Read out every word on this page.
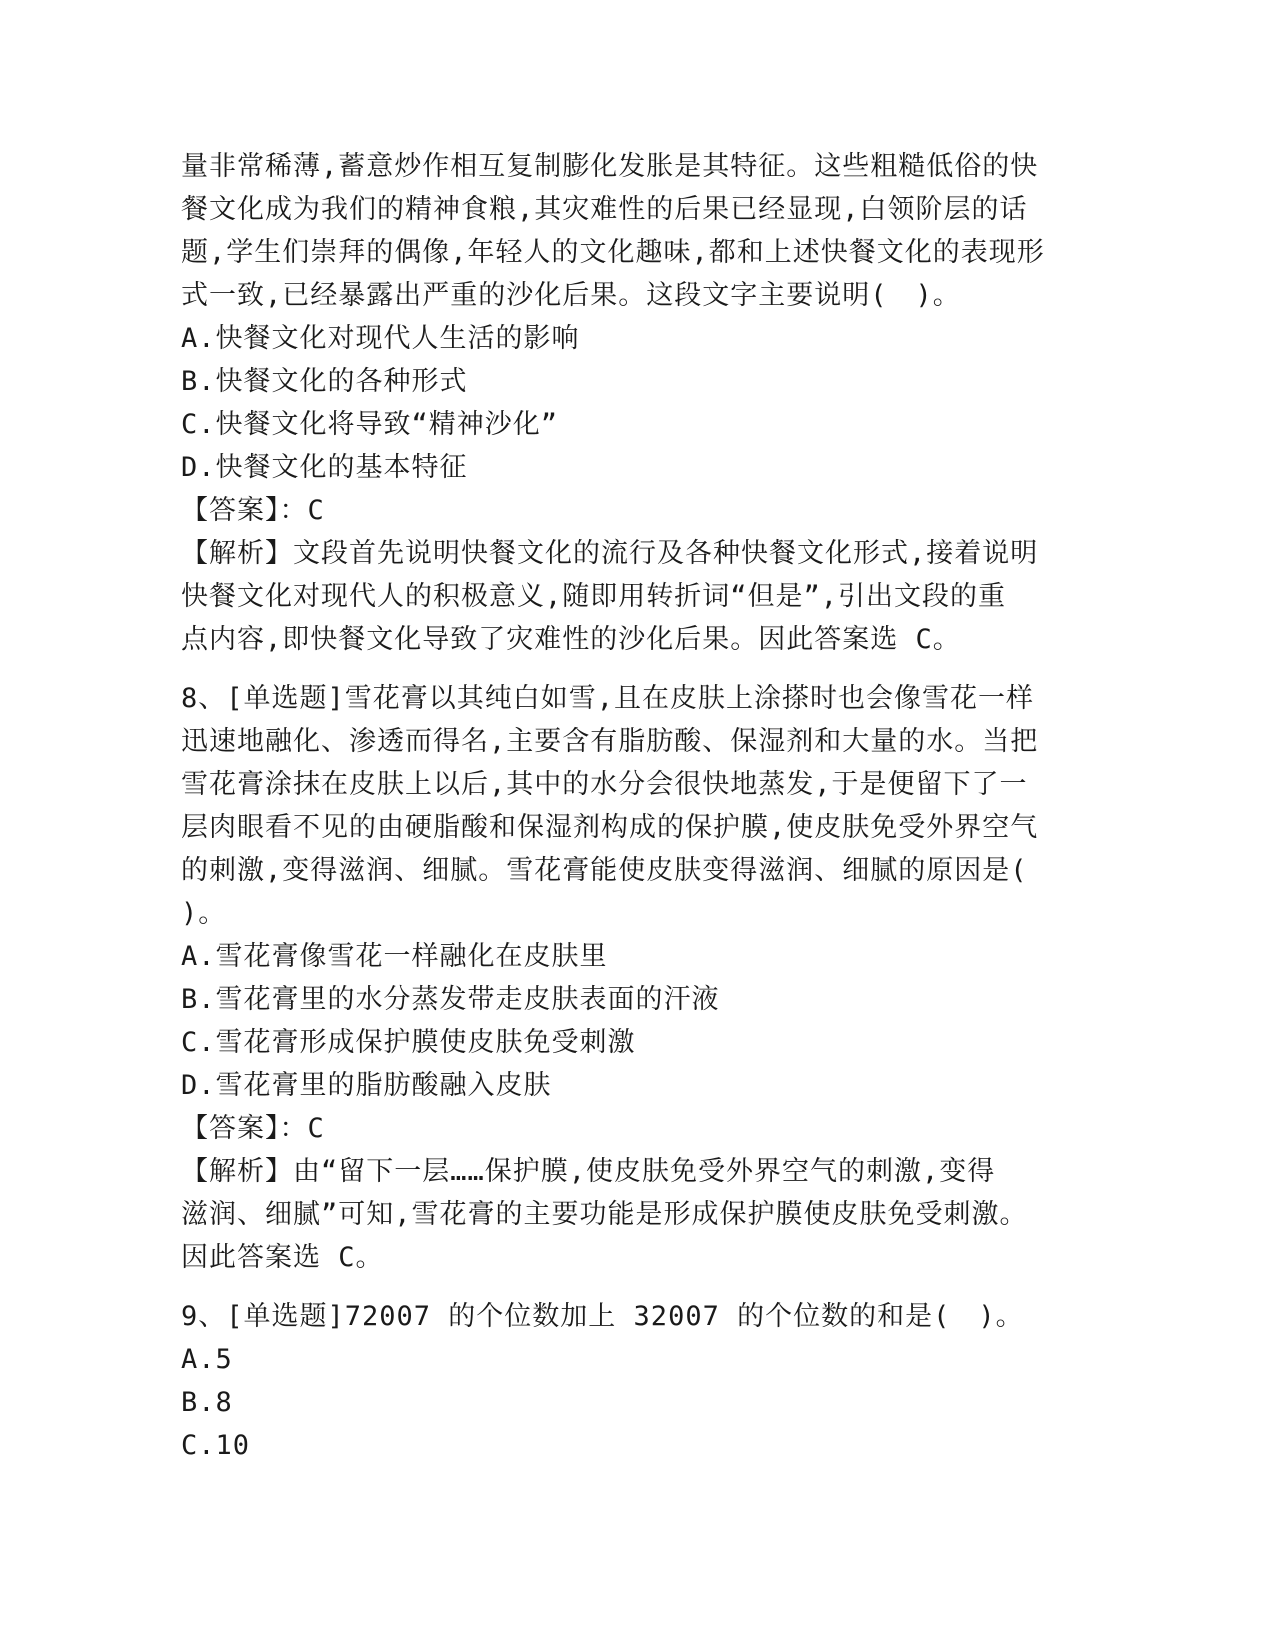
量非常稀薄,蓄意炒作相互复制膨化发胀是其特征。这些粗糙低俗的快
餐文化成为我们的精神食粮,其灾难性的后果已经显现,白领阶层的话
题,学生们崇拜的偶像,年轻人的文化趣味,都和上述快餐文化的表现形
式一致,已经暴露出严重的沙化后果。这段文字主要说明(　)。
A.快餐文化对现代人生活的影响
B.快餐文化的各种形式
C.快餐文化将导致“精神沙化”
D.快餐文化的基本特征
【答案】：C
【解析】文段首先说明快餐文化的流行及各种快餐文化形式,接着说明
快餐文化对现代人的积极意义,随即用转折词“但是”,引出文段的重
点内容,即快餐文化导致了灾难性的沙化后果。因此答案选 C。
8、[单选题]雪花膏以其纯白如雪,且在皮肤上涂搽时也会像雪花一样
迅速地融化、渗透而得名,主要含有脂肪酸、保湿剂和大量的水。当把
雪花膏涂抹在皮肤上以后,其中的水分会很快地蒸发,于是便留下了一
层肉眼看不见的由硬脂酸和保湿剂构成的保护膜,使皮肤免受外界空气
的刺激,变得滋润、细腻。雪花膏能使皮肤变得滋润、细腻的原因是(
)。
A.雪花膏像雪花一样融化在皮肤里
B.雪花膏里的水分蒸发带走皮肤表面的汗液
C.雪花膏形成保护膜使皮肤免受刺激
D.雪花膏里的脂肪酸融入皮肤
【答案】：C
【解析】由“留下一层……保护膜,使皮肤免受外界空气的刺激,变得
滋润、细腻”可知,雪花膏的主要功能是形成保护膜使皮肤免受刺激。
因此答案选 C。
9、[单选题]72007 的个位数加上 32007 的个位数的和是(　)。
A.5
B.8
C.10
